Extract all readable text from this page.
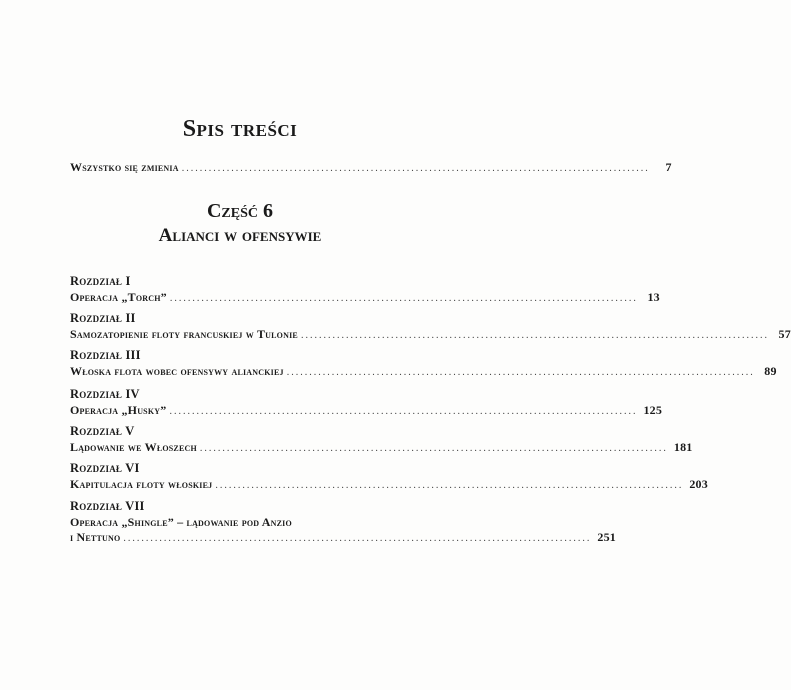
Spis treści
Wszystko się zmienia ........................................................................................................	7
Część 6
Alianci w ofensywie
Rozdział I
Operacja „Torch” ........................................................................................................ 13
Rozdział II
Samozatopienie floty francuskiej w Tulonie ........................................................................................................ 57
Rozdział III
Włoska flota wobec ofensywy alianckiej ........................................................................................................ 89
Rozdział IV
Operacja „Husky” ........................................................................................................ 125
Rozdział V
Lądowanie we Włoszech ........................................................................................................ 181
Rozdział VI
Kapitulacja floty włoskiej ........................................................................................................ 203
Rozdział VII
Operacja „Shingle” – lądowanie pod Anzio
i Nettuno ........................................................................................................ 251
